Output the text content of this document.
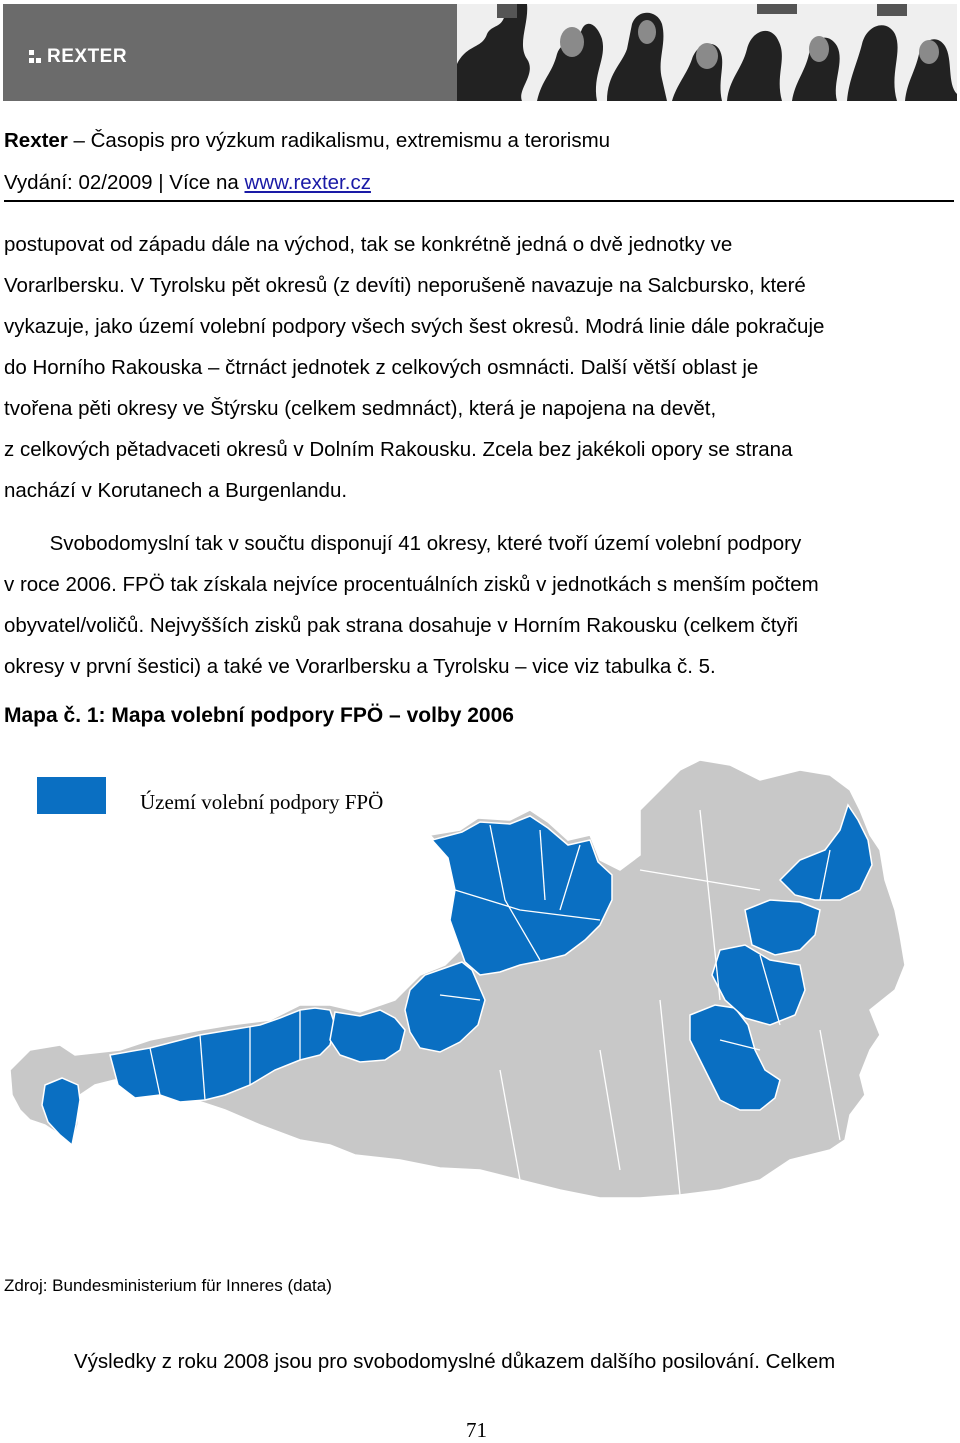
REXTER
Rexter – Časopis pro výzkum radikalismu, extremismu a terorismu
Vydání: 02/2009 | Více na www.rexter.cz
postupovat od západu dále na východ, tak se konkrétně jedná o dvě jednotky ve
Vorarlbersku. V Tyrolsku pět okresů (z devíti) neporušeně navazuje na Salcbursko, které
vykazuje, jako území volební podpory všech svých šest okresů. Modrá linie dále pokračuje
do Horního Rakouska – čtrnáct jednotek z celkových osmnácti. Další větší oblast je
tvořena pěti okresy ve Štýrsku (celkem sedmnáct), která je napojena na devět,
z celkových pětadvaceti okresů v Dolním Rakousku. Zcela bez jakékoli opory se strana
nachází v Korutanech a Burgenlandu.
Svobodomyslní tak v součtu disponují 41 okresy, které tvoří území volební podpory
v roce 2006. FPÖ tak získala nejvíce procentuálních zisků v jednotkách s menším počtem
obyvatel/voličů. Nejvyšších zisků pak strana dosahuje v Horním Rakousku (celkem čtyři
okresy v první šestici) a také ve Vorarlbersku a Tyrolsku – vice viz tabulka č. 5.
Mapa č. 1: Mapa volební podpory FPÖ – volby 2006
Území volební podpory FPÖ
Zdroj: Bundesministerium für Inneres (data)
Výsledky z roku 2008 jsou pro svobodomyslné důkazem dalšího posilování. Celkem
71
